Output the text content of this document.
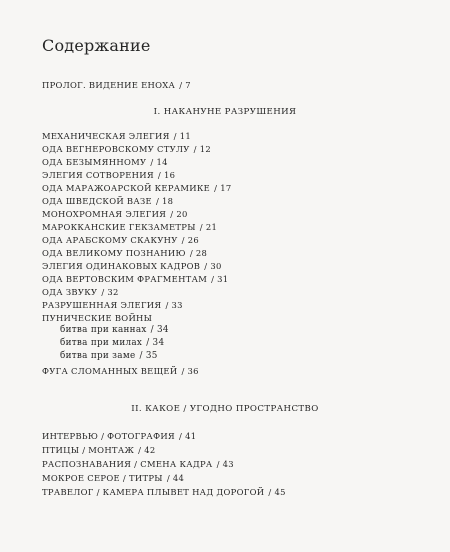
Содержание
ПРОЛОГ. ВИДЕНИЕ ЕНОХА / 7
I. НАКАНУНЕ РАЗРУШЕНИЯ
МЕХАНИЧЕСКАЯ ЭЛЕГИЯ / 11
ОДА ВЕГНЕРОВСКОМУ СТУЛУ / 12
ОДА БЕЗЫМЯННОМУ / 14
ЭЛЕГИЯ СОТВОРЕНИЯ / 16
ОДА МАРАЖОАРСКОЙ КЕРАМИКЕ / 17
ОДА ШВЕДСКОЙ ВАЗЕ / 18
МОНОХРОМНАЯ ЭЛЕГИЯ / 20
МАРОККАНСКИЕ ГЕКЗАМЕТРЫ / 21
ОДА АРАБСКОМУ СКАКУНУ / 26
ОДА ВЕЛИКОМУ ПОЗНАНИЮ / 28
ЭЛЕГИЯ ОДИНАКОВЫХ КАДРОВ / 30
ОДА ВЕРТОВСКИМ ФРАГМЕНТАМ / 31
ОДА ЗВУКУ / 32
РАЗРУШЕННАЯ ЭЛЕГИЯ / 33
ПУНИЧЕСКИЕ ВОЙНЫ
битва при каннах / 34
битва при милах / 34
битва при заме / 35
ФУГА СЛОМАННЫХ ВЕЩЕЙ / 36
II. КАКОЕ / УГОДНО ПРОСТРАНСТВО
ИНТЕРВЬЮ / ФОТОГРАФИЯ / 41
ПТИЦЫ / МОНТАЖ / 42
РАСПОЗНАВАНИЯ / СМЕНА КАДРА / 43
МОКРОЕ СЕРОЕ / ТИТРЫ / 44
ТРАВЕЛОГ / КАМЕРА ПЛЫВЕТ НАД ДОРОГОЙ / 45
